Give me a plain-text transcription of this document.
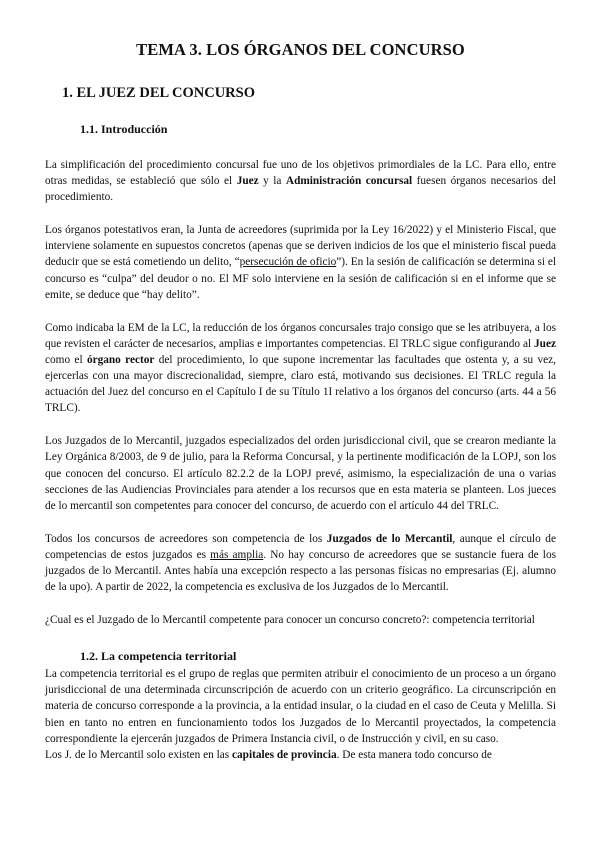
TEMA 3. LOS ÓRGANOS DEL CONCURSO
1. EL JUEZ DEL CONCURSO
1.1. Introducción

La simplificación del procedimiento concursal fue uno de los objetivos primordiales de la LC. Para ello, entre otras medidas, se estableció que sólo el Juez y la Administración concursal fuesen órganos necesarios del procedimiento.

Los órganos potestativos eran, la Junta de acreedores (suprimida por la Ley 16/2022) y el Ministerio Fiscal, que interviene solamente en supuestos concretos (apenas que se deriven indicios de los que el ministerio fiscal pueda deducir que se está cometiendo un delito, “persecución de oficio”). En la sesión de calificación se determina si el concurso es “culpa” del deudor o no. El MF solo interviene en la sesión de calificación si en el informe que se emite, se deduce que “hay delito”.

Como indicaba la EM de la LC, la reducción de los órganos concursales trajo consigo que se les atribuyera, a los que revisten el carácter de necesarios, amplias e importantes competencias. El TRLC sigue configurando al Juez como el órgano rector del procedimiento, lo que supone incrementar las facultades que ostenta y, a su vez, ejercerlas con una mayor discrecionalidad, siempre, claro está, motivando sus decisiones. El TRLC regula la actuación del Juez del concurso en el Capítulo I de su Título 1I relativo a los órganos del concurso (arts. 44 a 56 TRLC).

Los Juzgados de lo Mercantil, juzgados especializados del orden jurisdiccional civil, que se crearon mediante la Ley Orgánica 8/2003, de 9 de julio, para la Reforma Concursal, y la pertinente modificación de la LOPJ, son los que conocen del concurso. El artículo 82.2.2 de la LOPJ prevé, asimismo, la especialización de una o varias secciones de las Audiencias Provinciales para atender a los recursos que en esta materia se planteen. Los jueces de lo mercantil son competentes para conocer del concurso, de acuerdo con el artículo 44 del TRLC.

Todos los concursos de acreedores son competencia de los Juzgados de lo Mercantil, aunque el círculo de competencias de estos juzgados es más amplia. No hay concurso de acreedores que se sustancie fuera de los juzgados de lo Mercantil. Antes había una excepción respecto a las personas físicas no empresarias (Ej. alumno de la upo). A partir de 2022, la competencia es exclusiva de los Juzgados de lo Mercantil.

¿Cual es el Juzgado de lo Mercantil competente para conocer un concurso concreto?: competencia territorial

1.2. La competencia territorial

La competencia territorial es el grupo de reglas que permiten atribuir el conocimiento de un proceso a un órgano jurisdiccional de una determinada circunscripción de acuerdo con un criterio geográfico. La circunscripción en materia de concurso corresponde a la provincia, a la entidad insular, o la ciudad en el caso de Ceuta y Melilla. Si bien en tanto no entren en funcionamiento todos los Juzgados de lo Mercantil proyectados, la competencia correspondiente la ejercerán juzgados de Primera Instancia civil, o de Instrucción y civil, en su caso.

Los J. de lo Mercantil solo existen en las capitales de provincia. De esta manera todo concurso de
